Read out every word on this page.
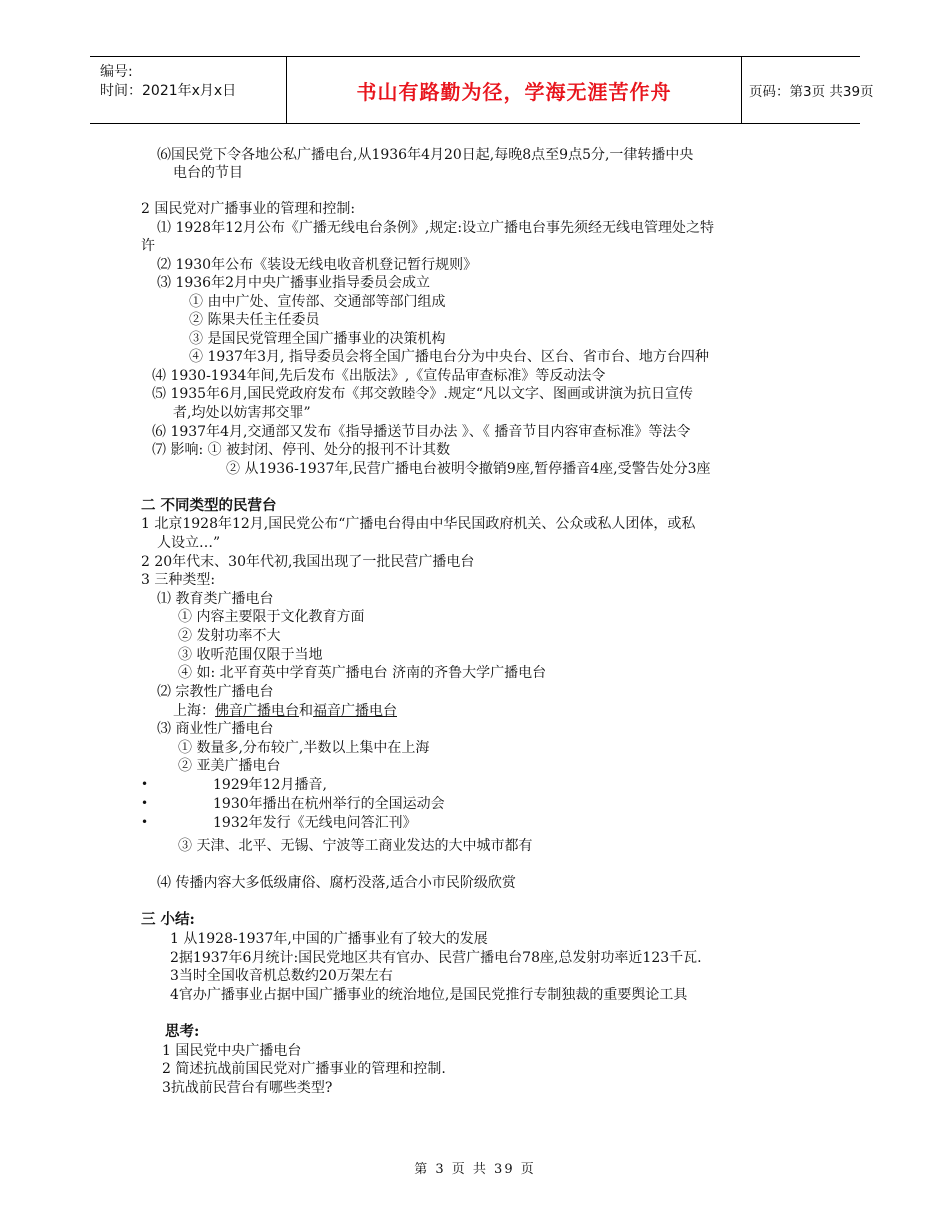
编号:
时间：2021年x月x日	书山有路勤为径，学海无涯苦作舟	页码：第3页 共39页
⑹国民党下令各地公私广播电台,从1936年4月20日起,每晚8点至9点5分,一律转播中央
电台的节目
2 国民党对广播事业的管理和控制:
⑴ 1928年12月公布《广播无线电台条例》,规定:设立广播电台事先须经无线电管理处之特
许
⑵ 1930年公布《装设无线电收音机登记暂行规则》
⑶ 1936年2月中央广播事业指导委员会成立
① 由中广处、宣传部、交通部等部门组成
② 陈果夫任主任委员
③ 是国民党管理全国广播事业的决策机构
④ 1937年3月, 指导委员会将全国广播电台分为中央台、区台、省市台、地方台四种
⑷ 1930-1934年间,先后发布《出版法》,《宣传品审查标准》等反动法令
⑸ 1935年6月,国民党政府发布《邦交敦睦令》.规定“凡以文字、图画或讲演为抗日宣传
者,均处以妨害邦交罪”
⑹ 1937年4月,交通部又发布《指导播送节目办法 》、《 播音节目内容审查标准》等法令
⑺ 影响: ① 被封闭、停刊、处分的报刊不计其数
② 从1936-1937年,民营广播电台被明令撤销9座,暂停播音4座,受警告处分3座
二 不同类型的民营台
1 北京1928年12月,国民党公布“广播电台得由中华民国政府机关、公众或私人团体，或私
人设立…”
2 20年代末、30年代初,我国出现了一批民营广播电台
3 三种类型:
⑴ 教育类广播电台
① 内容主要限于文化教育方面
② 发射功率不大
③ 收听范围仅限于当地
④ 如: 北平育英中学育英广播电台 济南的齐鲁大学广播电台
⑵ 宗教性广播电台
上海：佛音广播电台和福音广播电台
⑶ 商业性广播电台
① 数量多,分布较广,半数以上集中在上海
② 亚美广播电台
•	1929年12月播音,
•	1930年播出在杭州举行的全国运动会
•	1932年发行《无线电问答汇刊》
③ 天津、北平、无锡、宁波等工商业发达的大中城市都有
⑷ 传播内容大多低级庸俗、腐朽没落,适合小市民阶级欣赏
三 小结:
1 从1928-1937年,中国的广播事业有了较大的发展
2据1937年6月统计:国民党地区共有官办、民营广播电台78座,总发射功率近123千瓦.
3当时全国收音机总数约20万架左右
4官办广播事业占据中国广播事业的统治地位,是国民党推行专制独裁的重要舆论工具
思考:
1 国民党中央广播电台
2 简述抗战前国民党对广播事业的管理和控制.
3抗战前民营台有哪些类型?
第 3 页 共 39 页
